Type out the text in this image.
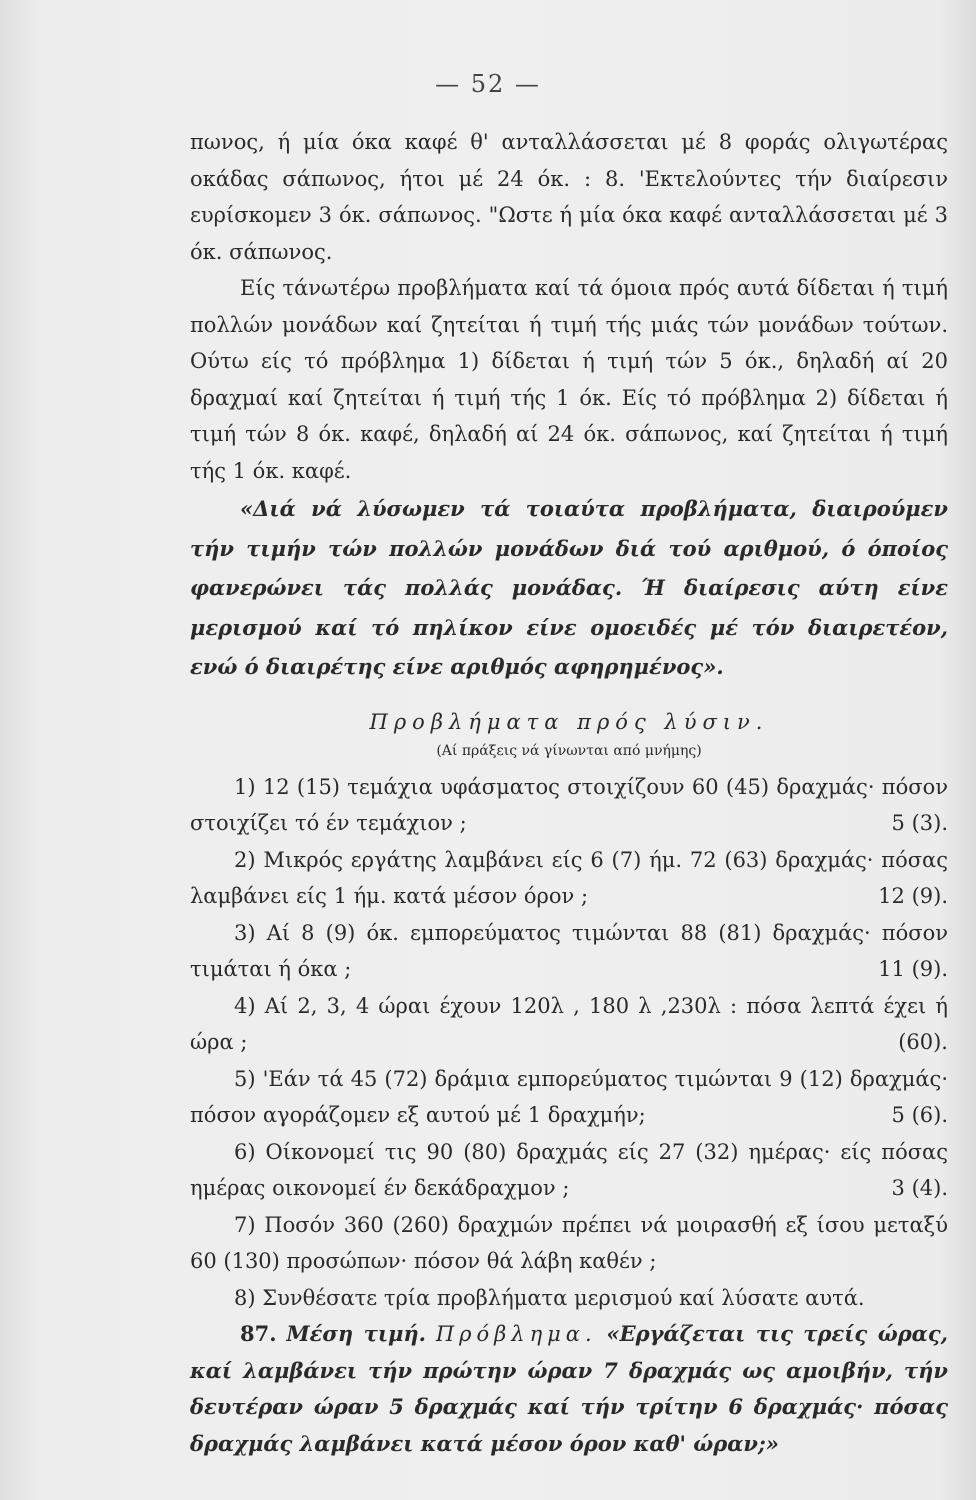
— 52 —

πωνος, ή μία όκα καφέ θ' ανταλλάσσεται μέ 8 φοράς ολιγωτέρας οκάδας σάπωνος, ήτοι μέ 24 όκ. : 8. 'Εκτελούντες τήν διαίρεσιν ευρίσκομεν 3 όκ. σάπωνος. "Ωστε ή μία όκα καφέ ανταλλάσσεται μέ 3 όκ. σάπωνος.

Είς τάνωτέρω προβλήματα καί τά όμοια πρός αυτά δίδεται ή τιμή πολλών μονάδων καί ζητείται ή τιμή τής μιάς τών μονάδων τούτων. Ούτω είς τό πρόβλημα 1) δίδεται ή τιμή τών 5 όκ., δηλαδή αί 20 δραχμαί καί ζητείται ή τιμή τής 1 όκ. Είς τό πρόβλημα 2) δίδεται ή τιμή τών 8 όκ. καφέ, δηλαδή αί 24 όκ. σάπωνος, καί ζητείται ή τιμή τής 1 όκ. καφέ.

«Διά νά λύσωμεν τά τοιαύτα προβλήματα, διαιρούμεν τήν τιμήν τών πολλών μονάδων διά τού αριθμού, ό όποίος φανερώνει τάς πολλάς μονάδας. Ή διαίρεσις αύτη είνε μερισμού καί τό πηλίκον είνε ομοειδές μέ τόν διαιρετέον, ενώ ό διαιρέτης είνε αριθμός αφηρημένος».

Προβλήματα πρός λύσιν.
(Αί πράξεις νά γίνωνται από μνήμης)

1) 12 (15) τεμάχια υφάσματος στοιχίζουν 60 (45) δραχμάς· πόσον στοιχίζει τό έν τεμάχιον ;	5 (3).

2) Μικρός εργάτης λαμβάνει είς 6 (7) ήμ. 72 (63) δραχμάς· πόσας λαμβάνει είς 1 ήμ. κατά μέσον όρον ;	12 (9).

3) Αί 8 (9) όκ. εμπορεύματος τιμώνται 88 (81) δραχμάς· πόσον τιμάται ή όκα ;	11 (9).

4) Αί 2, 3, 4 ώραι έχουν 120λ , 180 λ ,230λ : πόσα λεπτά έχει ή ώρα ;	(60).

5) 'Εάν τά 45 (72) δράμια εμπορεύματος τιμώνται 9 (12) δραχμάς· πόσον αγοράζομεν εξ αυτού μέ 1 δραχμήν;	5 (6).

6) Οίκονομεί τις 90 (80) δραχμάς είς 27 (32) ημέρας· είς πόσας ημέρας οικονομεί έν δεκάδραχμον ;	3 (4).

7) Ποσόν 360 (260) δραχμών πρέπει νά μοιρασθή εξ ίσου μεταξύ 60 (130) προσώπων· πόσον θά λάβη καθέν ;

8) Συνθέσατε τρία προβλήματα μερισμού καί λύσατε αυτά.

87. Μέση τιμή. Πρόβλημα. «Εργάζεται τις τρείς ώρας, καί λαμβάνει τήν πρώτην ώραν 7 δραχμάς ως αμοιβήν, τήν δευτέραν ώραν 5 δραχμάς καί τήν τρίτην 6 δραχμάς· πόσας δραχμάς λαμβάνει κατά μέσον όρον καθ' ώραν;»
